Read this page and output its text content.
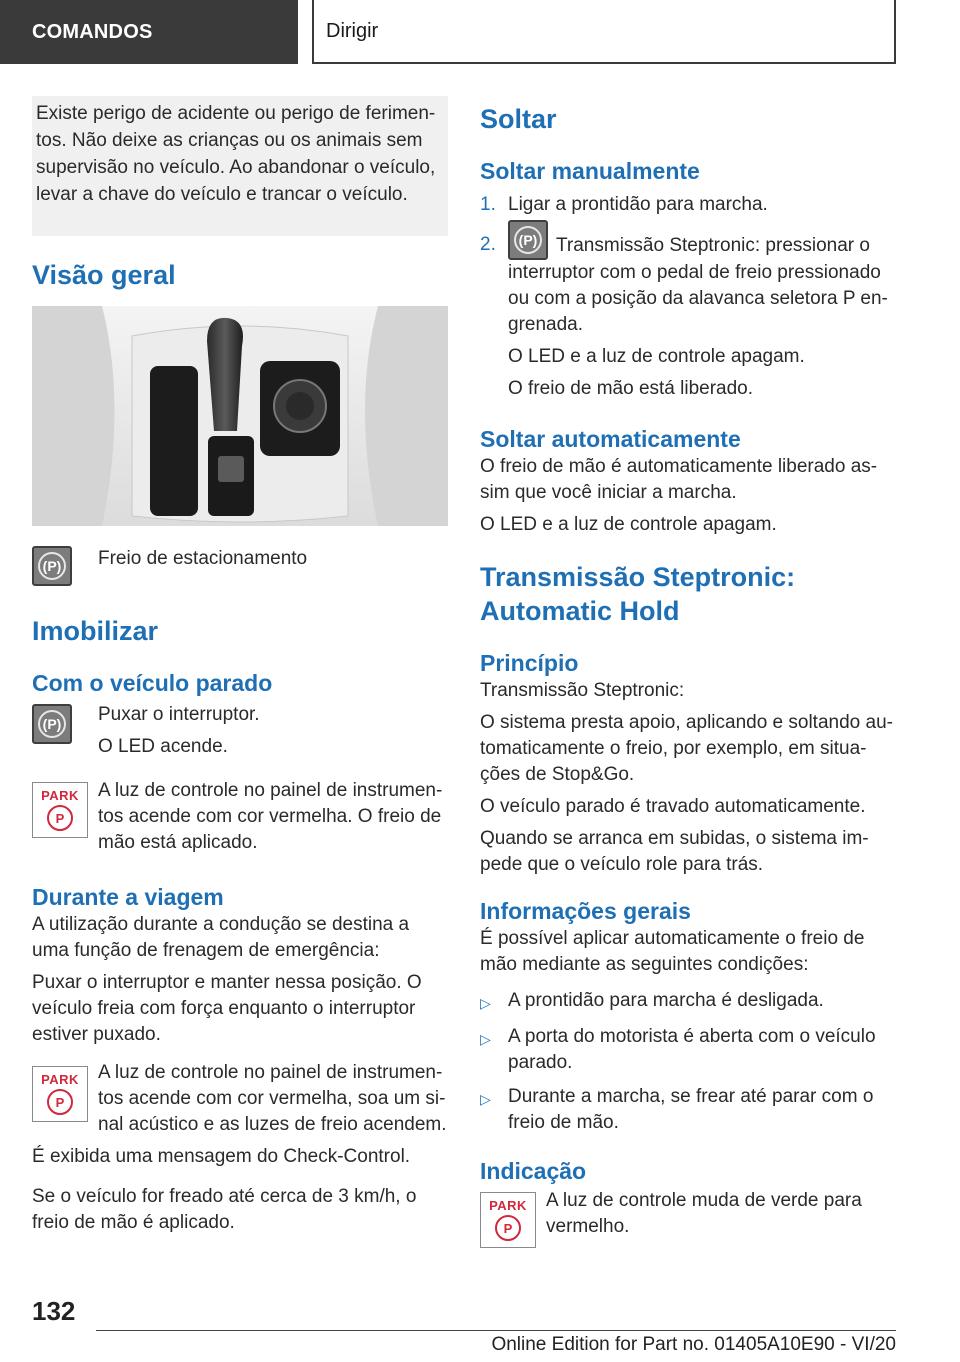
COMANDOS	Dirigir

Existe perigo de acidente ou perigo de ferimen-tos. Não deixe as crianças ou os animais sem supervisão no veículo. Ao abandonar o veículo, levar a chave do veículo e trancar o veículo.

Visão geral
(P) Freio de estacionamento

Imobilizar
Com o veículo parado
(P) Puxar o interruptor.

O LED acende.

PARK
P

A luz de controle no painel de instrumen-tos acende com cor vermelha. O freio de mão está aplicado.

Durante a viagem

A utilização durante a condução se destina a uma função de frenagem de emergência:

Puxar o interruptor e manter nessa posição. O veículo freia com força enquanto o interruptor estiver puxado.

PARK
P

A luz de controle no painel de instrumen-tos acende com cor vermelha, soa um si-nal acústico e as luzes de freio acendem.

É exibida uma mensagem do Check-Control.

Se o veículo for freado até cerca de 3 km/h, o freio de mão é aplicado.

Soltar
Soltar manualmente
1. Ligar a prontidão para marcha.
2.	(P) Transmissão Steptronic: pressionar o interruptor com o pedal de freio pressionado ou com a posição da alavanca seletora P en-grenada.

O LED e a luz de controle apagam.

O freio de mão está liberado.

Soltar automaticamente

O freio de mão é automaticamente liberado as-sim que você iniciar a marcha.

O LED e a luz de controle apagam.

Transmissão Steptronic:
Automatic Hold
Princípio

Transmissão Steptronic:

O sistema presta apoio, aplicando e soltando au-tomaticamente o freio, por exemplo, em situa-ções de Stop&Go.

O veículo parado é travado automaticamente.

Quando se arranca em subidas, o sistema im-pede que o veículo role para trás.

Informações gerais

É possível aplicar automaticamente o freio de mão mediante as seguintes condições:

▷ A prontidão para marcha é desligada.
▷ A porta do motorista é aberta com o veículo parado.
▷ Durante a marcha, se frear até parar com o freio de mão.
Indicação
PARK
P

A luz de controle muda de verde para vermelho.

132
Online Edition for Part no. 01405A10E90 - VI/20
